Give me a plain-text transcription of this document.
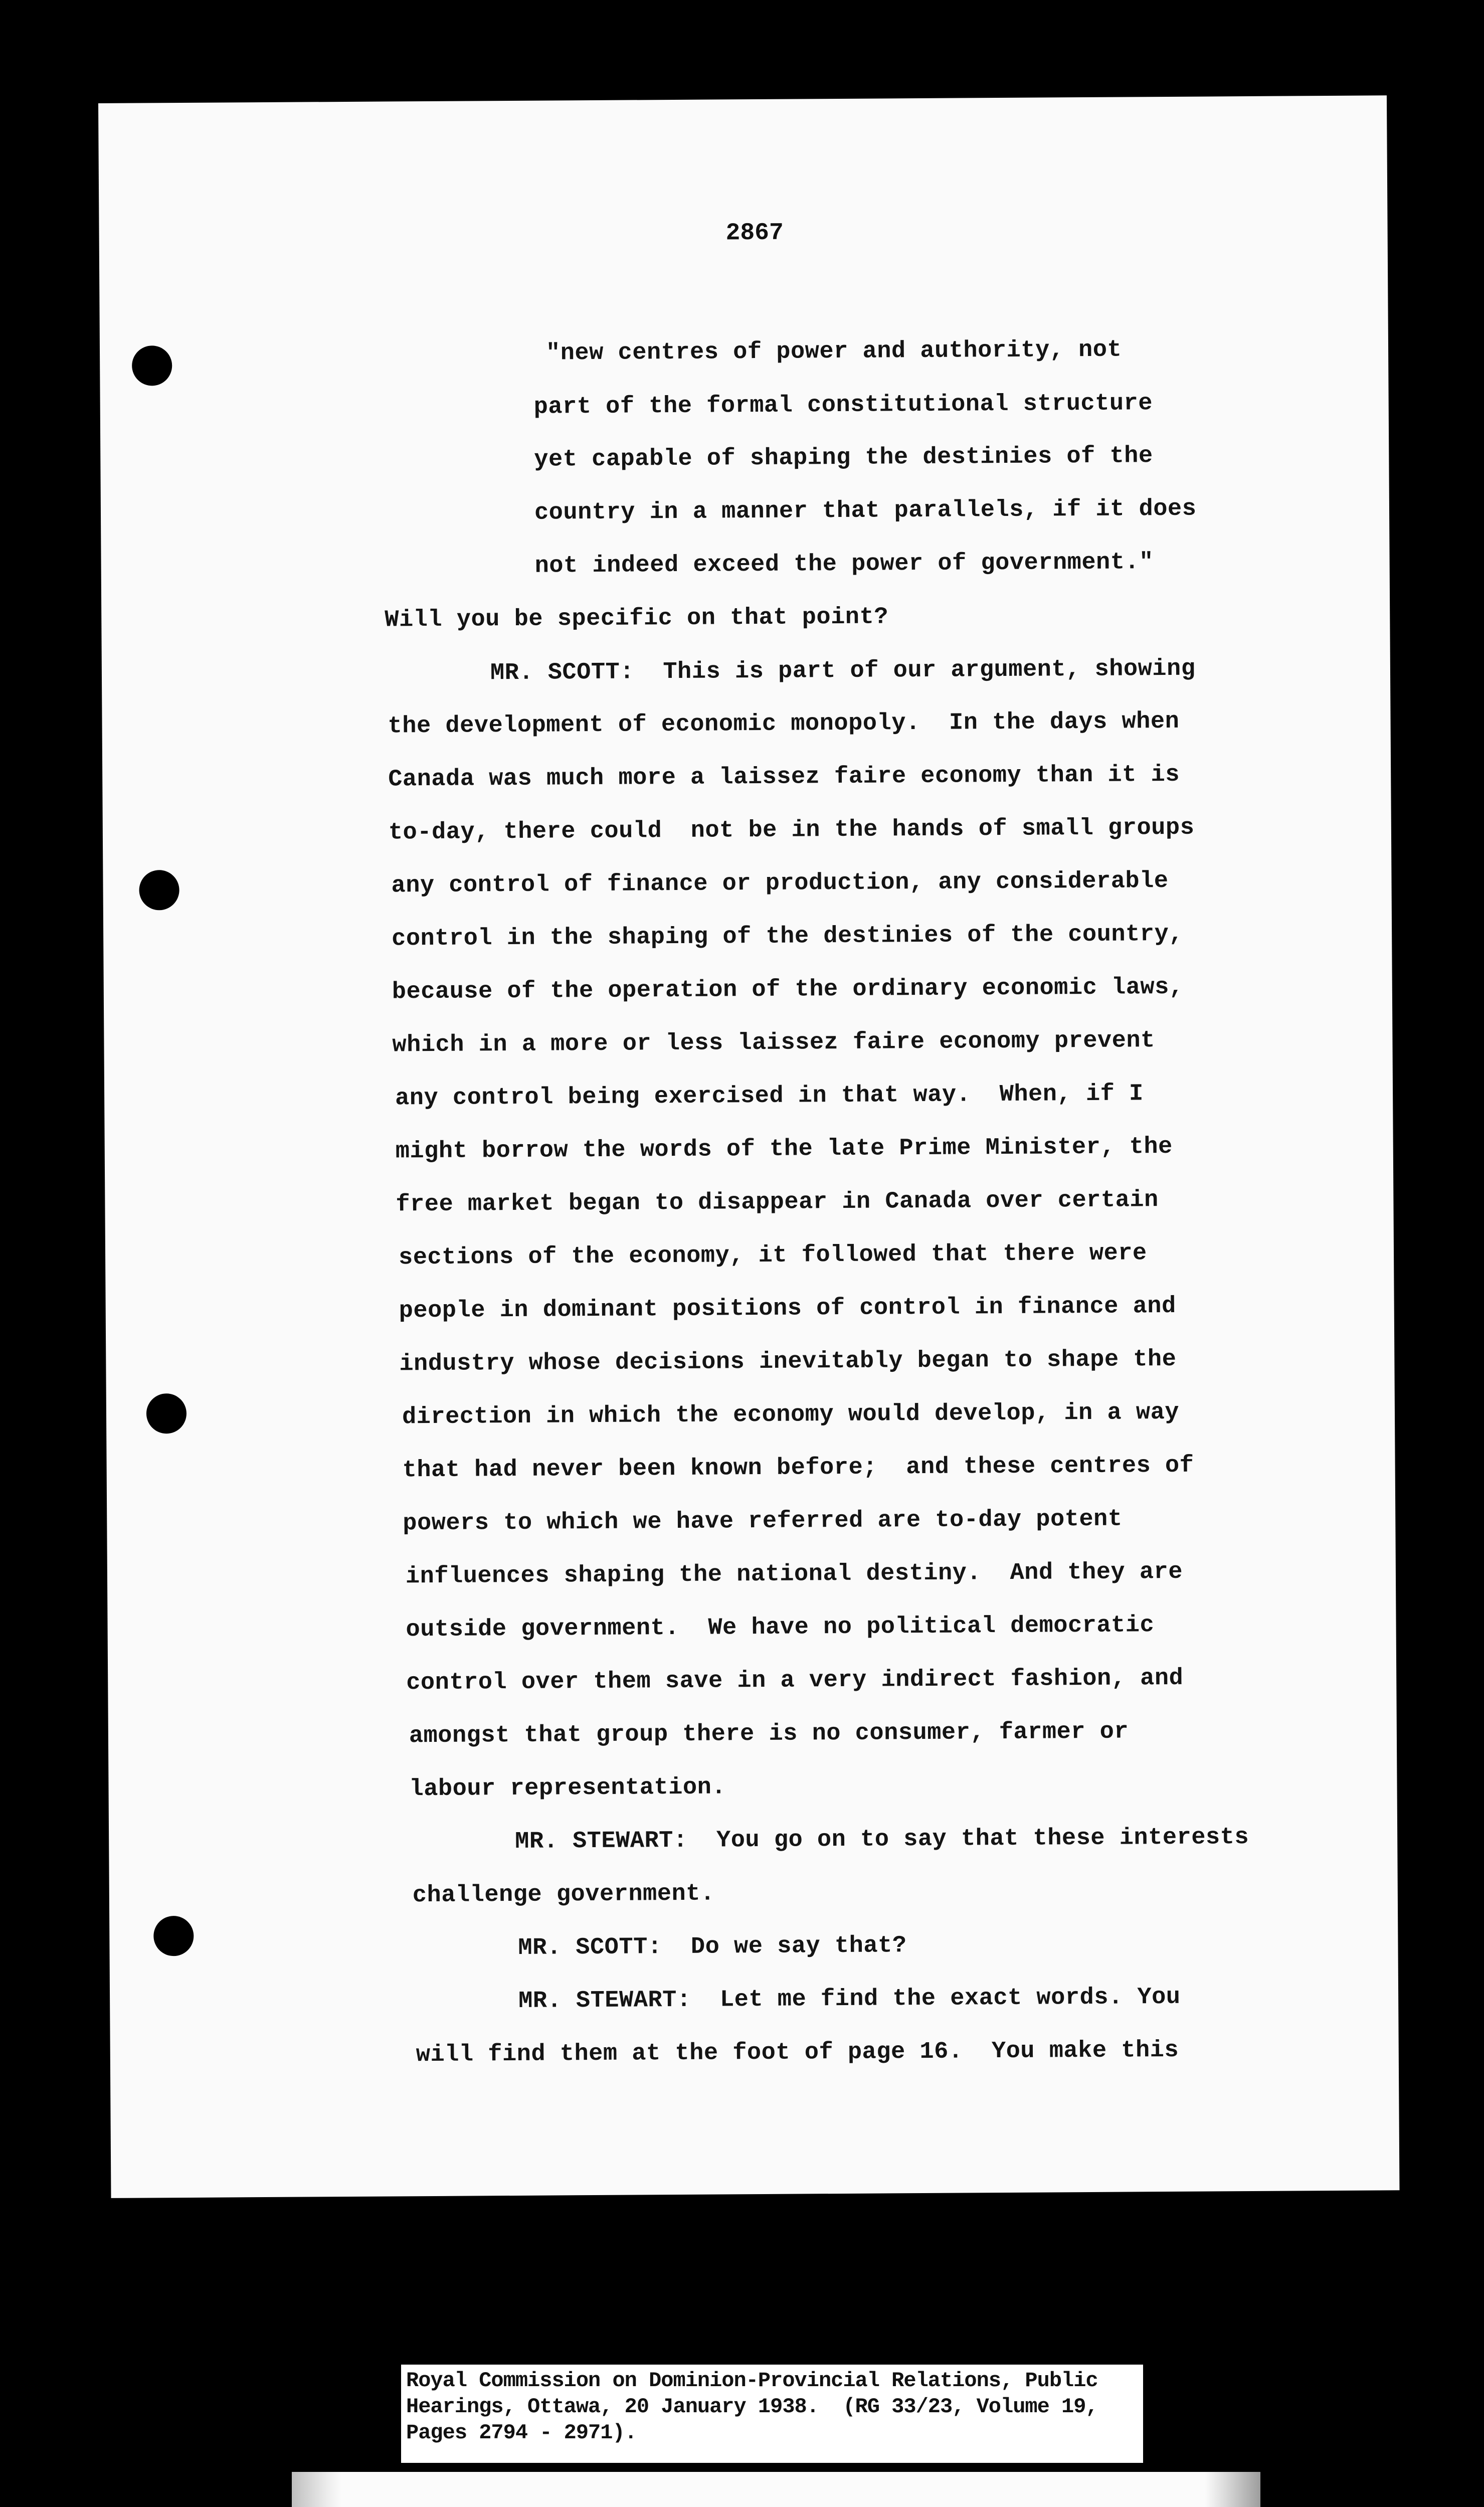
2867
"new centres of power and authority, not
part of the formal constitutional structure
yet capable of shaping the destinies of the
country in a manner that parallels, if it does
not indeed exceed the power of government."
Will you be specific on that point?
MR. SCOTT:  This is part of our argument, showing
the development of economic monopoly.  In the days when
Canada was much more a laissez faire economy than it is
to-day, there could  not be in the hands of small groups
any control of finance or production, any considerable
control in the shaping of the destinies of the country,
because of the operation of the ordinary economic laws,
which in a more or less laissez faire economy prevent
any control being exercised in that way.  When, if I
might borrow the words of the late Prime Minister, the
free market began to disappear in Canada over certain
sections of the economy, it followed that there were
people in dominant positions of control in finance and
industry whose decisions inevitably began to shape the
direction in which the economy would develop, in a way
that had never been known before;  and these centres of
powers to which we have referred are to-day potent
influences shaping the national destiny.  And they are
outside government.  We have no political democratic
control over them save in a very indirect fashion, and
amongst that group there is no consumer, farmer or
labour representation.
MR. STEWART:  You go on to say that these interests
challenge government.
MR. SCOTT:  Do we say that?
MR. STEWART:  Let me find the exact words. You
will find them at the foot of page 16.  You make this
Royal Commission on Dominion-Provincial Relations, Public
Hearings, Ottawa, 20 January 1938.  (RG 33/23, Volume 19,
Pages 2794 - 2971).
